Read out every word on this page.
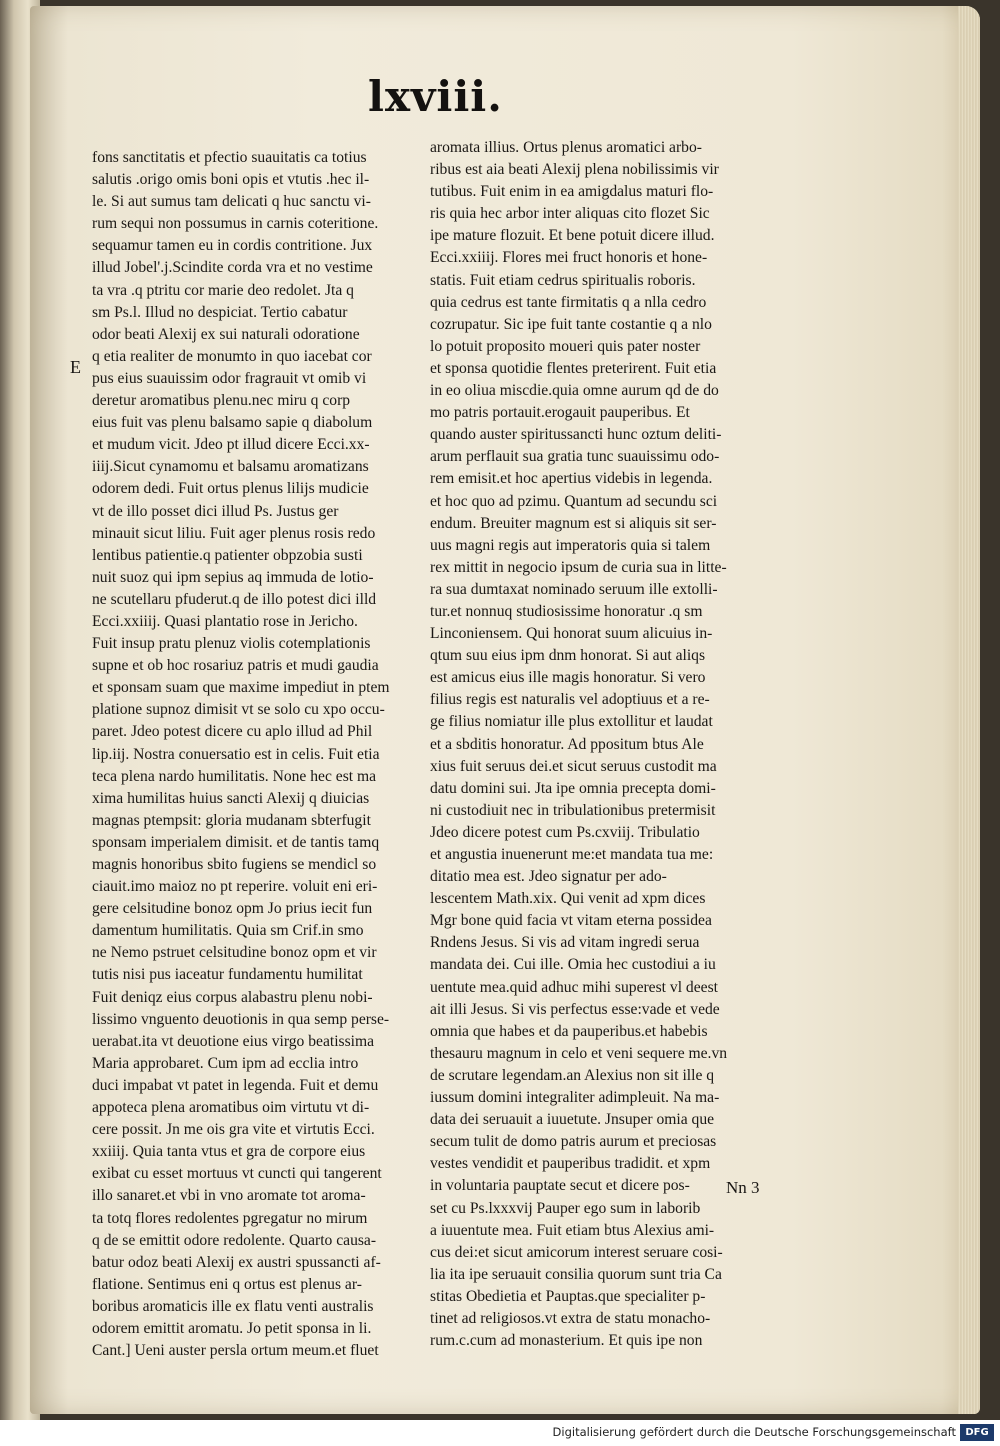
lxviii.
E
fons sanctitatis et pfectio suauitatis ca totius
salutis .origo omis boni opis et vtutis .hec il-
le. Si aut sumus tam delicati q huc sanctu vi-
rum sequi non possumus in carnis coteritione.
sequamur tamen eu in cordis contritione. Jux
illud Jobel'.j.Scindite corda vra et no vestime
ta vra .q ptritu cor marie deo redolet. Jta q
sm Ps.l. Illud no despiciat. Tertio cabatur
odor beati Alexij ex sui naturali odoratione
q etia realiter de monumto in quo iacebat cor
pus eius suauissim odor fragrauit vt omib vi
deretur aromatibus plenu.nec miru q corp
eius fuit vas plenu balsamo sapie q diabolum
et mudum vicit. Jdeo pt illud dicere Ecci.xx-
iiij.Sicut cynamomu et balsamu aromatizans
odorem dedi. Fuit ortus plenus lilijs mudicie
vt de illo posset dici illud Ps. Justus ger
minauit sicut liliu. Fuit ager plenus rosis redo
lentibus patientie.q patienter obpzobia susti
nuit suoz qui ipm sepius aq immuda de lotio-
ne scutellaru pfuderut.q de illo potest dici illd
Ecci.xxiiij. Quasi plantatio rose in Jericho.
Fuit insup pratu plenuz violis cotemplationis
supne et ob hoc rosariuz patris et mudi gaudia
et sponsam suam que maxime impediut in ptem
platione supnoz dimisit vt se solo cu xpo occu-
paret. Jdeo potest dicere cu aplo illud ad Phil
lip.iij. Nostra conuersatio est in celis. Fuit etia
teca plena nardo humilitatis. None hec est ma
xima humilitas huius sancti Alexij q diuicias
magnas ptempsit: gloria mudanam sbterfugit
sponsam imperialem dimisit. et de tantis tamq
magnis honoribus sbito fugiens se mendicl so
ciauit.imo maioz no pt reperire. voluit eni eri-
gere celsitudine bonoz opm Jo prius iecit fun
damentum humilitatis. Quia sm Crif.in smo
ne Nemo pstruet celsitudine bonoz opm et vir
tutis nisi pus iaceatur fundamentu humilitat
Fuit deniqz eius corpus alabastru plenu nobi-
lissimo vnguento deuotionis in qua semp perse-
uerabat.ita vt deuotione eius virgo beatissima
Maria approbaret. Cum ipm ad ecclia intro
duci impabat vt patet in legenda. Fuit et demu
appoteca plena aromatibus oim virtutu vt di-
cere possit. Jn me ois gra vite et virtutis Ecci.
xxiiij. Quia tanta vtus et gra de corpore eius
exibat cu esset mortuus vt cuncti qui tangerent
illo sanaret.et vbi in vno aromate tot aroma-
ta totq flores redolentes pgregatur no mirum
q de se emittit odore redolente. Quarto causa-
batur odoz beati Alexij ex austri spussancti af-
flatione. Sentimus eni q ortus est plenus ar-
boribus aromaticis ille ex flatu venti australis
odorem emittit aromatu. Jo petit sponsa in li.
Cant.] Ueni auster persla ortum meum.et fluet
aromata illius. Ortus plenus aromatici arbo-
ribus est aia beati Alexij plena nobilissimis vir
tutibus. Fuit enim in ea amigdalus maturi flo-
ris quia hec arbor inter aliquas cito flozet Sic
ipe mature flozuit. Et bene potuit dicere illud.
Ecci.xxiiij. Flores mei fruct honoris et hone-
statis. Fuit etiam cedrus spiritualis roboris.
quia cedrus est tante firmitatis q a nlla cedro
cozrupatur. Sic ipe fuit tante costantie q a nlo
lo potuit proposito moueri quis pater noster
et sponsa quotidie flentes preterirent. Fuit etia
in eo oliua miscdie.quia omne aurum qd de do
mo patris portauit.erogauit pauperibus. Et
quando auster spiritussancti hunc oztum deliti-
arum perflauit sua gratia tunc suauissimu odo-
rem emisit.et hoc apertius videbis in legenda.
et hoc quo ad pzimu. Quantum ad secundu sci
endum. Breuiter magnum est si aliquis sit ser-
uus magni regis aut imperatoris quia si talem
rex mittit in negocio ipsum de curia sua in litte-
ra sua dumtaxat nominado seruum ille extolli-
tur.et nonnuq studiosissime honoratur .q sm
Linconiensem. Qui honorat suum alicuius in-
qtum suu eius ipm dnm honorat. Si aut aliqs
est amicus eius ille magis honoratur. Si vero
filius regis est naturalis vel adoptiuus et a re-
ge filius nomiatur ille plus extollitur et laudat
et a sbditis honoratur. Ad ppositum btus Ale
xius fuit seruus dei.et sicut seruus custodit ma
datu domini sui. Jta ipe omnia precepta domi-
ni custodiuit nec in tribulationibus pretermisit
Jdeo dicere potest cum Ps.cxviij. Tribulatio
et angustia inuenerunt me:et mandata tua me:
ditatio mea est. Jdeo signatur per ado-
lescentem Math.xix. Qui venit ad xpm dices
Mgr bone quid facia vt vitam eterna possidea
Rndens Jesus. Si vis ad vitam ingredi serua
mandata dei. Cui ille. Omia hec custodiui a iu
uentute mea.quid adhuc mihi superest vl deest
ait illi Jesus. Si vis perfectus esse:vade et vede
omnia que habes et da pauperibus.et habebis
thesauru magnum in celo et veni sequere me.vn
de scrutare legendam.an Alexius non sit ille q
iussum domini integraliter adimpleuit. Na ma-
data dei seruauit a iuuetute. Jnsuper omia que
secum tulit de domo patris aurum et preciosas
vestes vendidit et pauperibus tradidit. et xpm
in voluntaria pauptate secut et dicere pos-
set cu Ps.lxxxvij Pauper ego sum in laborib
a iuuentute mea. Fuit etiam btus Alexius ami-
cus dei:et sicut amicorum interest seruare cosi-
lia ita ipe seruauit consilia quorum sunt tria Ca
stitas Obedietia et Pauptas.que specialiter p-
tinet ad religiosos.vt extra de statu monacho-
rum.c.cum ad monasterium. Et quis ipe non
Nn 3
Digitalisierung gefördert durch die Deutsche Forschungsgemeinschaft DFG
